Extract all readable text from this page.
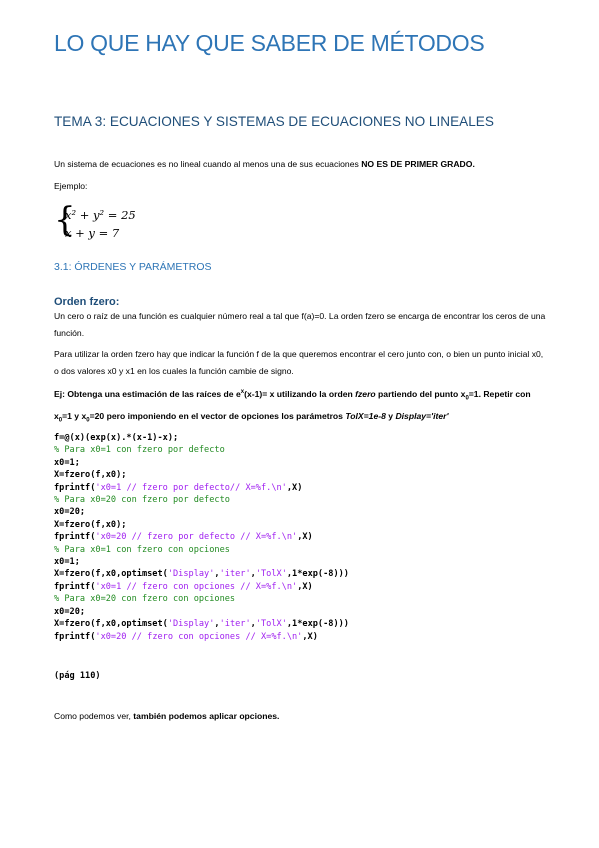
LO QUE HAY QUE SABER DE MÉTODOS
TEMA 3: ECUACIONES Y SISTEMAS DE ECUACIONES NO LINEALES
Un sistema de ecuaciones es no lineal cuando al menos una de sus ecuaciones NO ES DE PRIMER GRADO.
Ejemplo:
{
x² + y² = 25
x + y = 7
3.1: ÓRDENES Y PARÁMETROS
Orden fzero:
Un cero o raíz de una función es cualquier número real a tal que f(a)=0. La orden fzero se encarga de encontrar los ceros de una función.
Para utilizar la orden fzero hay que indicar la función f de la que queremos encontrar el cero junto con, o bien un punto inicial x0, o dos valores x0 y x1 en los cuales la función cambie de signo.
Ej: Obtenga una estimación de las raíces de $e^x(x-1)= x$ utilizando la orden fzero partiendo del punto $x_0=1$. Repetir con $x_0=1$ y $x_0=20$ pero imponiendo en el vector de opciones los parámetros TolX=1e-8 y Display='iter'
f=@(x)(exp(x).*(x-1)-x);
% Para x0=1 con fzero por defecto
x0=1;
X=fzero(f,x0);
fprintf('x0=1 // fzero por defecto// X=%f.\n',X)
% Para x0=20 con fzero por defecto
x0=20;
X=fzero(f,x0);
fprintf('x0=20 // fzero por defecto // X=%f.\n',X)
% Para x0=1 con fzero con opciones
x0=1;
X=fzero(f,x0,optimset('Display','iter','TolX',1*exp(-8)))
fprintf('x0=1 // fzero con opciones // X=%f.\n',X)
% Para x0=20 con fzero con opciones
x0=20;
X=fzero(f,x0,optimset('Display','iter','TolX',1*exp(-8)))
fprintf('x0=20 // fzero con opciones // X=%f.\n',X)
(pág 110)
Como podemos ver, también podemos aplicar opciones.
